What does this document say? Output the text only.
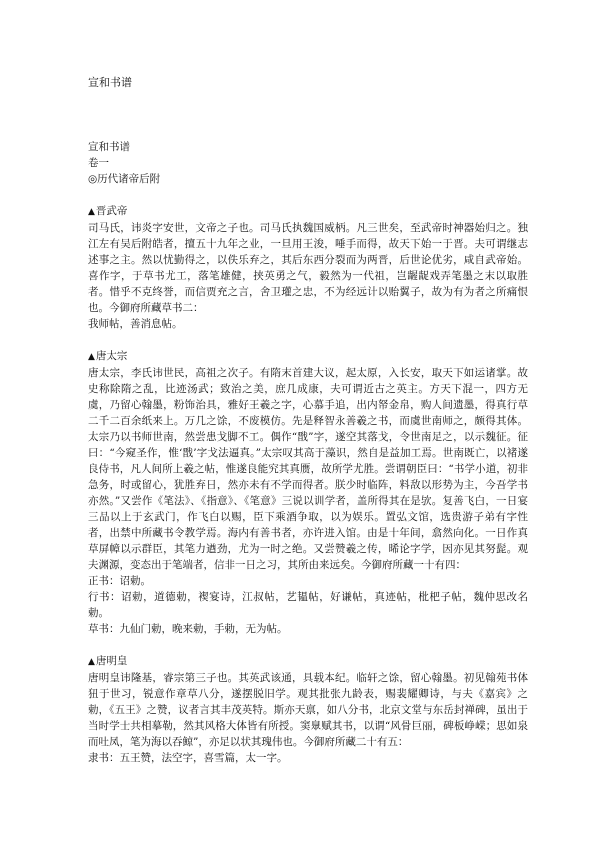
宣和书谱
宣和书谱
卷一
◎历代诸帝后附
▲晋武帝
司马氏，讳炎字安世，文帝之子也。司马氏执魏国威柄。凡三世矣，至武帝时神器始归之。独江左有吴后附皓者，擅五十九年之业，一旦用王浚，唾手而得，故天下始一于晋。夫可谓继志述事之主。然以忧勤得之，以佚乐弃之，其后东西分裂而为两晋，后世论优劣，咸自武帝始。喜作字，于草书尤工，落笔雄健，挟英勇之气，毅然为一代祖，岂龌龊戏弄笔墨之末以取胜者。惜乎不克终誉，而信贾充之言，舍卫瓘之忠，不为经远计以贻翼子，故为有为者之所痛恨也。今御府所藏草书二：
我师帖，善消息帖。
▲唐太宗
唐太宗，李氏讳世民，高祖之次子。有隋末首建大议，起太原，入长安，取天下如运诸掌。故史称除隋之乱，比迹汤武；致治之美，庶几成康，夫可谓近古之英主。方天下混一，四方无虞，乃留心翰墨，粉饰治具，雅好王羲之字，心慕手追，出内帑金帛，购人间遗墨，得真行草二千二百余纸来上。万几之馀，不废模仿。先是释智永善羲之书，而虞世南师之，颇得其体。太宗乃以书师世南，然尝患戈脚不工。偶作“戬”字，遂空其落戈，令世南足之，以示魏征。征曰：“今窥圣作，惟‘戬’字戈法逼真。”太宗叹其高于藻识，然自是益加工焉。世南既亡，以褚遂良侍书，凡人间所上羲之帖，惟遂良能究其真赝，故所学尤胜。尝谓朝臣曰：“书学小道，初非急务，时或留心，犹胜弃日，然亦未有不学而得者。朕少时临阵，料敌以形势为主，今吾学书亦然。”又尝作《笔法》、《指意》、《笔意》三说以训学者，盖所得其在是欤。复善飞白，一日宴三品以上于玄武门，作飞白以赐，臣下乘酒争取，以为娱乐。置弘文馆，选贵游子弟有字性者，出禁中所藏书令教学焉。海内有善书者，亦许进入馆。由是十年间，翕然向化。一日作真草屏幛以示群臣，其笔力遒劲，尤为一时之绝。又尝赞羲之传，晞论字学，因亦见其努髭。观夫渊源，变态出于笔端者，信非一日之习，其所由来远矣。今御府所藏一十有四：
正书：诏勅。
行书：诏勅，道德勅，褉宴诗，江叔帖，艺韫帖，好谦帖，真迹帖，枇杷子帖，魏仲思改名勅。
草书：九仙门勅，晚来勅，手勅，无为帖。
▲唐明皇
唐明皇讳隆基，睿宗第三子也。其英武该通，具载本纪。临轩之馀，留心翰墨。初见翰苑书体狃于世习，锐意作章草八分，遂摆脱旧学。观其批张九龄表，赐裴耀卿诗，与夫《嘉宾》之勅，《五王》之赞，议者言其丰茂英特。斯亦天禀，如八分书，北京文堂与东岳封禅碑，虽出于当时学士共相摹勒，然其风格大体皆有所授。窦臮赋其书，以谓“风骨巨丽，碑板峥嵘；思如泉而吐凤，笔为海以吞鲸”，亦足以状其瑰伟也。今御府所藏二十有五：
隶书：五王赞，法空字，喜雪篇，太一字。
